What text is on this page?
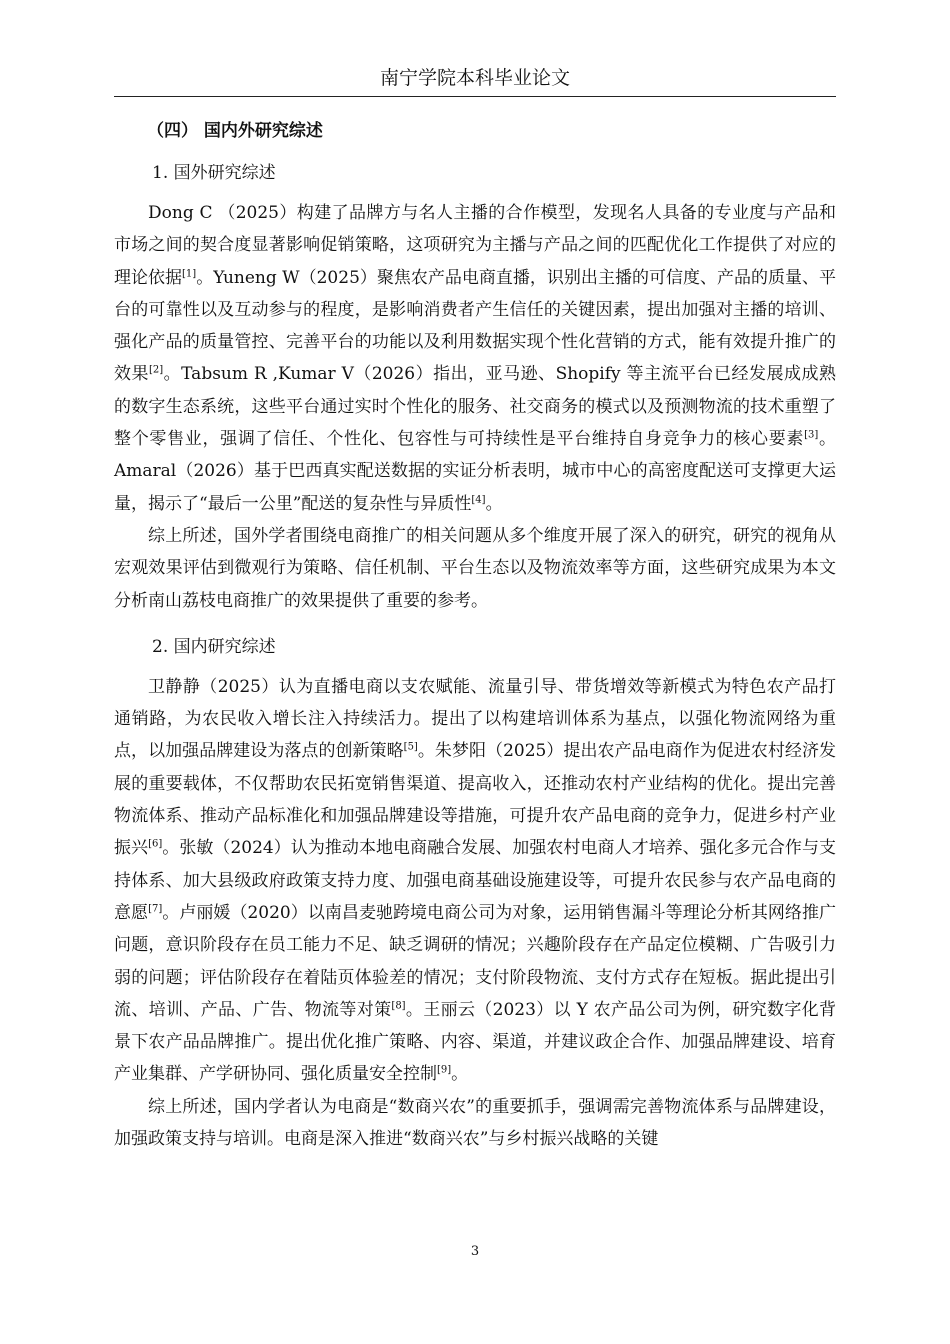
南宁学院本科毕业论文
（四） 国内外研究综述
1. 国外研究综述

Dong C （2025）构建了品牌方与名人主播的合作模型，发现名人具备的专业度与产品和市场之间的契合度显著影响促销策略，这项研究为主播与产品之间的匹配优化工作提供了对应的理论依据[1]。Yuneng W（2025）聚焦农产品电商直播，识别出主播的可信度、产品的质量、平台的可靠性以及互动参与的程度，是影响消费者产生信任的关键因素，提出加强对主播的培训、强化产品的质量管控、完善平台的功能以及利用数据实现个性化营销的方式，能有效提升推广的效果[2]。Tabsum R ,Kumar V（2026）指出，亚马逊、Shopify 等主流平台已经发展成成熟的数字生态系统，这些平台通过实时个性化的服务、社交商务的模式以及预测物流的技术重塑了整个零售业，强调了信任、个性化、包容性与可持续性是平台维持自身竞争力的核心要素[3]。Amaral（2026）基于巴西真实配送数据的实证分析表明，城市中心的高密度配送可支撑更大运量，揭示了“最后一公里”配送的复杂性与异质性[4]。

综上所述，国外学者围绕电商推广的相关问题从多个维度开展了深入的研究，研究的视角从宏观效果评估到微观行为策略、信任机制、平台生态以及物流效率等方面，这些研究成果为本文分析南山荔枝电商推广的效果提供了重要的参考。

2. 国内研究综述

卫静静（2025）认为直播电商以支农赋能、流量引导、带货增效等新模式为特色农产品打通销路，为农民收入增长注入持续活力。提出了以构建培训体系为基点，以强化物流网络为重点，以加强品牌建设为落点的创新策略[5]。朱梦阳（2025）提出农产品电商作为促进农村经济发展的重要载体，不仅帮助农民拓宽销售渠道、提高收入，还推动农村产业结构的优化。提出完善物流体系、推动产品标准化和加强品牌建设等措施，可提升农产品电商的竞争力，促进乡村产业振兴[6]。张敏（2024）认为推动本地电商融合发展、加强农村电商人才培养、强化多元合作与支持体系、加大县级政府政策支持力度、加强电商基础设施建设等，可提升农民参与农产品电商的意愿[7]。卢丽媛（2020）以南昌麦驰跨境电商公司为对象，运用销售漏斗等理论分析其网络推广问题，意识阶段存在员工能力不足、缺乏调研的情况；兴趣阶段存在产品定位模糊、广告吸引力弱的问题；评估阶段存在着陆页体验差的情况；支付阶段物流、支付方式存在短板。据此提出引流、培训、产品、广告、物流等对策[8]。王丽云（2023）以 Y 农产品公司为例，研究数字化背景下农产品品牌推广。提出优化推广策略、内容、渠道，并建议政企合作、加强品牌建设、培育产业集群、产学研协同、强化质量安全控制[9]。

综上所述，国内学者认为电商是“数商兴农”的重要抓手，强调需完善物流体系与品牌建设，加强政策支持与培训。电商是深入推进“数商兴农”与乡村振兴战略的关键

3
